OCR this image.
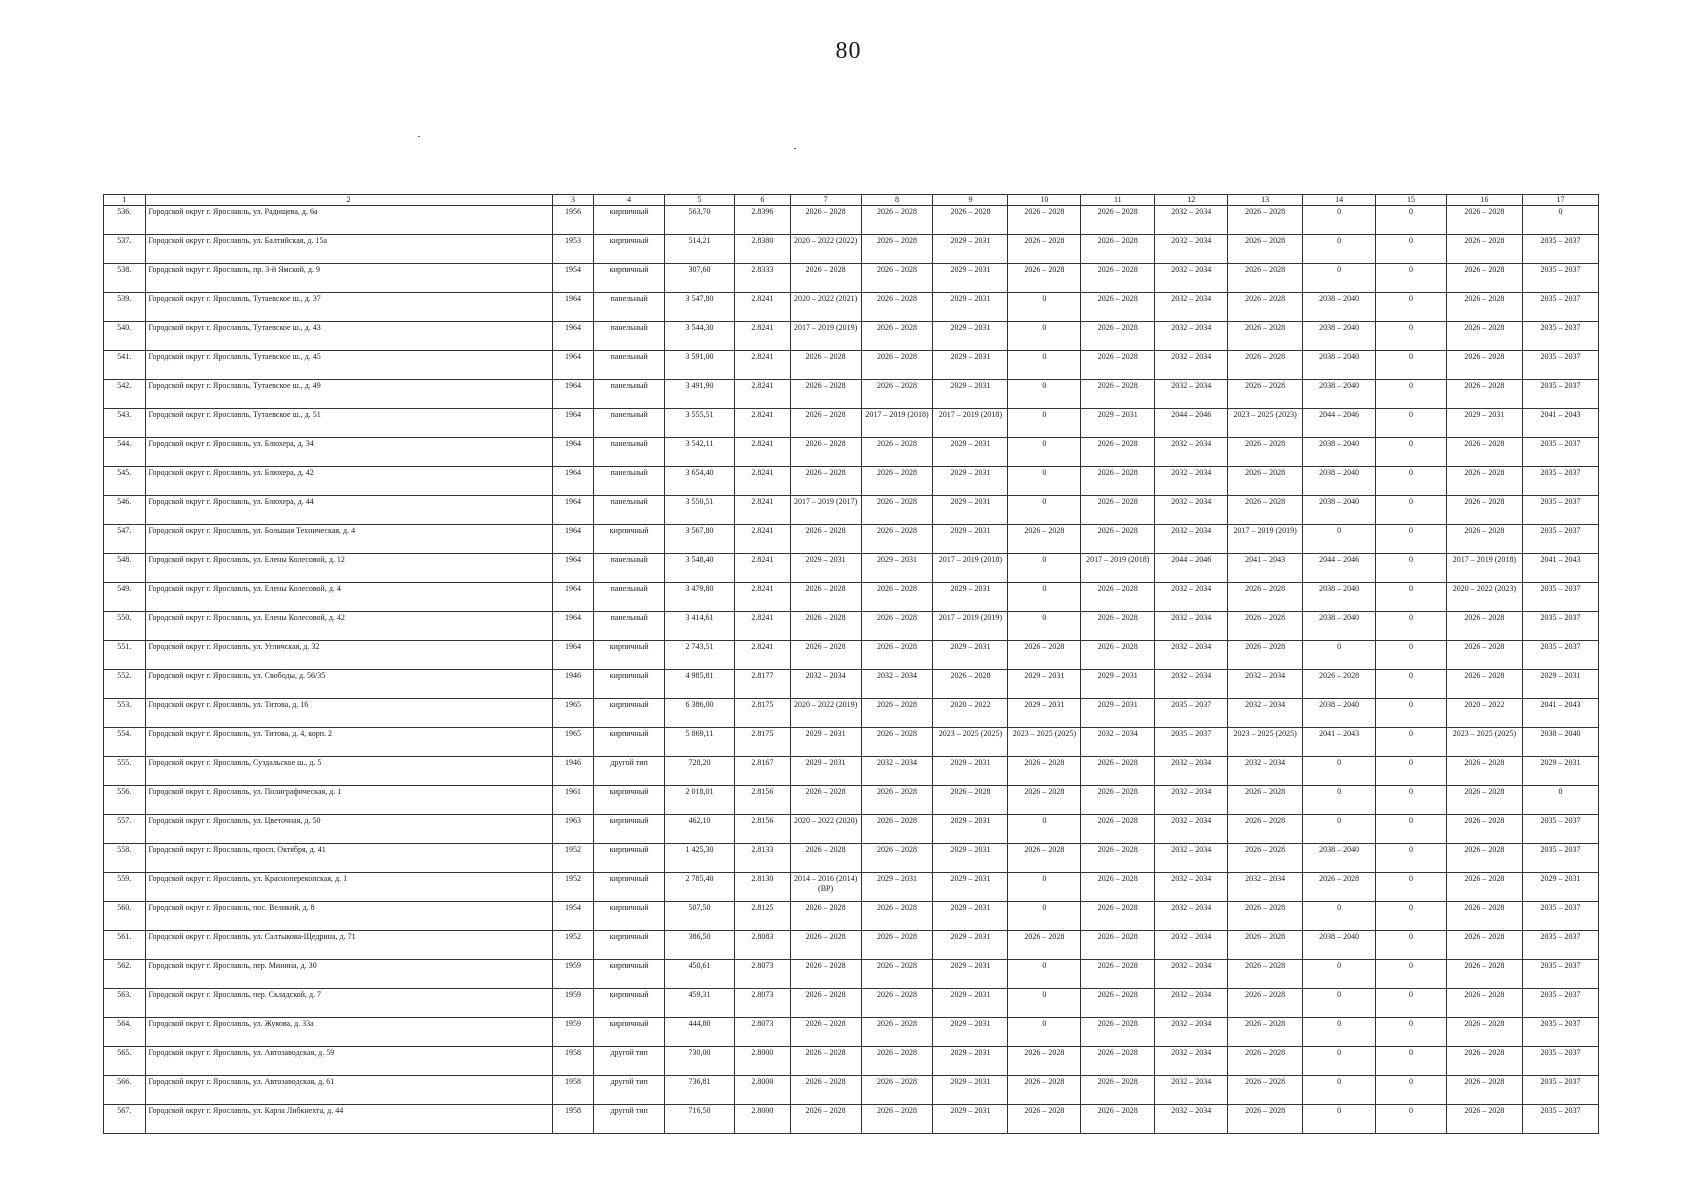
80
1	2	3	4	5	6	7	8	9	10	11	12	13	14	15	16	17
536.	Городской округ г. Ярославль, ул. Радищева, д. 6а	1956	кирпичный	563,70	2.8396	2026 – 2028	2026 – 2028	2026 – 2028	2026 – 2028	2026 – 2028	2032 – 2034	2026 – 2028	0	0	2026 – 2028	0
537.	Городской округ г. Ярославль, ул. Балтийская, д. 15а	1953	кирпичный	514,21	2.8380	2020 – 2022 (2022)	2026 – 2028	2029 – 2031	2026 – 2028	2026 – 2028	2032 – 2034	2026 – 2028	0	0	2026 – 2028	2035 – 2037
538.	Городской округ г. Ярославль, пр. 3-й Ямской, д. 9	1954	кирпичный	307,60	2.8333	2026 – 2028	2026 – 2028	2029 – 2031	2026 – 2028	2026 – 2028	2032 – 2034	2026 – 2028	0	0	2026 – 2028	2035 – 2037
539.	Городской округ г. Ярославль, Тутаевское ш., д. 37	1964	панельный	3 547,80	2.8241	2020 – 2022 (2021)	2026 – 2028	2029 – 2031	0	2026 – 2028	2032 – 2034	2026 – 2028	2038 – 2040	0	2026 – 2028	2035 – 2037
540.	Городской округ г. Ярославль, Тутаевское ш., д. 43	1964	панельный	3 544,30	2.8241	2017 – 2019 (2019)	2026 – 2028	2029 – 2031	0	2026 – 2028	2032 – 2034	2026 – 2028	2038 – 2040	0	2026 – 2028	2035 – 2037
541.	Городской округ г. Ярославль, Тутаевское ш., д. 45	1964	панельный	3 591,00	2.8241	2026 – 2028	2026 – 2028	2029 – 2031	0	2026 – 2028	2032 – 2034	2026 – 2028	2038 – 2040	0	2026 – 2028	2035 – 2037
542.	Городской округ г. Ярославль, Тутаевское ш., д. 49	1964	панельный	3 491,90	2.8241	2026 – 2028	2026 – 2028	2029 – 2031	0	2026 – 2028	2032 – 2034	2026 – 2028	2038 – 2040	0	2026 – 2028	2035 – 2037
543.	Городской округ г. Ярославль, Тутаевское ш., д. 51	1964	панельный	3 555,51	2.8241	2026 – 2028	2017 – 2019 (2018)	2017 – 2019 (2018)	0	2029 – 2031	2044 – 2046	2023 – 2025 (2023)	2044 – 2046	0	2029 – 2031	2041 – 2043
544.	Городской округ г. Ярославль, ул. Блюхера, д. 34	1964	панельный	3 542,11	2.8241	2026 – 2028	2026 – 2028	2029 – 2031	0	2026 – 2028	2032 – 2034	2026 – 2028	2038 – 2040	0	2026 – 2028	2035 – 2037
545.	Городской округ г. Ярославль, ул. Блюхера, д. 42	1964	панельный	3 654,40	2.8241	2026 – 2028	2026 – 2028	2029 – 2031	0	2026 – 2028	2032 – 2034	2026 – 2028	2038 – 2040	0	2026 – 2028	2035 – 2037
546.	Городской округ г. Ярославль, ул. Блюхера, д. 44	1964	панельный	3 550,51	2.8241	2017 – 2019 (2017)	2026 – 2028	2029 – 2031	0	2026 – 2028	2032 – 2034	2026 – 2028	2038 – 2040	0	2026 – 2028	2035 – 2037
547.	Городской округ г. Ярославль, ул. Большая Техническая, д. 4	1964	кирпичный	3 567,80	2.8241	2026 – 2028	2026 – 2028	2029 – 2031	2026 – 2028	2026 – 2028	2032 – 2034	2017 – 2019 (2019)	0	0	2026 – 2028	2035 – 2037
548.	Городской округ г. Ярославль, ул. Елены Колесовой, д. 12	1964	панельный	3 548,40	2.8241	2029 – 2031	2029 – 2031	2017 – 2019 (2018)	0	2017 – 2019 (2018)	2044 – 2046	2041 – 2043	2044 – 2046	0	2017 – 2019 (2018)	2041 – 2043
549.	Городской округ г. Ярославль, ул. Елены Колесовой, д. 4	1964	панельный	3 479,80	2.8241	2026 – 2028	2026 – 2028	2029 – 2031	0	2026 – 2028	2032 – 2034	2026 – 2028	2038 – 2040	0	2020 – 2022 (2023)	2035 – 2037
550.	Городской округ г. Ярославль, ул. Елены Колесовой, д. 42	1964	панельный	3 414,61	2.8241	2026 – 2028	2026 – 2028	2017 – 2019 (2019)	0	2026 – 2028	2032 – 2034	2026 – 2028	2038 – 2040	0	2026 – 2028	2035 – 2037
551.	Городской округ г. Ярославль, ул. Угличская, д. 32	1964	кирпичный	2 743,51	2.8241	2026 – 2028	2026 – 2028	2029 – 2031	2026 – 2028	2026 – 2028	2032 – 2034	2026 – 2028	0	0	2026 – 2028	2035 – 2037
552.	Городской округ г. Ярославль, ул. Свободы, д. 56/35	1946	кирпичный	4 985,81	2.8177	2032 – 2034	2032 – 2034	2026 – 2028	2029 – 2031	2029 – 2031	2032 – 2034	2032 – 2034	2026 – 2028	0	2026 – 2028	2029 – 2031
553.	Городской округ г. Ярославль, ул. Титова, д. 16	1965	кирпичный	6 386,00	2.8175	2020 – 2022 (2019)	2026 – 2028	2020 – 2022	2029 – 2031	2029 – 2031	2035 – 2037	2032 – 2034	2038 – 2040	0	2020 – 2022	2041 – 2043
554.	Городской округ г. Ярославль, ул. Титова, д. 4, корп. 2	1965	кирпичный	5 869,11	2.8175	2029 – 2031	2026 – 2028	2023 – 2025 (2025)	2023 – 2025 (2025)	2032 – 2034	2035 – 2037	2023 – 2025 (2025)	2041 – 2043	0	2023 – 2025 (2025)	2038 – 2040
555.	Городской округ г. Ярославль, Суздальское ш., д. 5	1946	другой тип	728,20	2.8167	2029 – 2031	2032 – 2034	2029 – 2031	2026 – 2028	2026 – 2028	2032 – 2034	2032 – 2034	0	0	2026 – 2028	2029 – 2031
556.	Городской округ г. Ярославль, ул. Полиграфическая, д. 1	1961	кирпичный	2 018,01	2.8156	2026 – 2028	2026 – 2028	2026 – 2028	2026 – 2028	2026 – 2028	2032 – 2034	2026 – 2028	0	0	2026 – 2028	0
557.	Городской округ г. Ярославль, ул. Цветочная, д. 50	1963	кирпичный	462,10	2.8156	2020 – 2022 (2020)	2026 – 2028	2029 – 2031	0	2026 – 2028	2032 – 2034	2026 – 2028	0	0	2026 – 2028	2035 – 2037
558.	Городской округ г. Ярославль, просп. Октября, д. 41	1952	кирпичный	1 425,30	2.8133	2026 – 2028	2026 – 2028	2029 – 2031	2026 – 2028	2026 – 2028	2032 – 2034	2026 – 2028	2038 – 2040	0	2026 – 2028	2035 – 2037
559.	Городской округ г. Ярославль, ул. Красноперекопская, д. 1	1952	кирпичный	2 785,40	2.8130	2014 – 2016 (2014) (ВР)	2029 – 2031	2029 – 2031	0	2026 – 2028	2032 – 2034	2032 – 2034	2026 – 2028	0	2026 – 2028	2029 – 2031
560.	Городской округ г. Ярославль, пос. Великий, д. 8	1954	кирпичный	507,50	2.8125	2026 – 2028	2026 – 2028	2029 – 2031	0	2026 – 2028	2032 – 2034	2026 – 2028	0	0	2026 – 2028	2035 – 2037
561.	Городской округ г. Ярославль, ул. Салтыкова-Щедрина, д. 71	1952	кирпичный	386,50	2.8083	2026 – 2028	2026 – 2028	2029 – 2031	2026 – 2028	2026 – 2028	2032 – 2034	2026 – 2028	2038 – 2040	0	2026 – 2028	2035 – 2037
562.	Городской округ г. Ярославль, пер. Минина, д. 30	1959	кирпичный	450,61	2.8073	2026 – 2028	2026 – 2028	2029 – 2031	0	2026 – 2028	2032 – 2034	2026 – 2028	0	0	2026 – 2028	2035 – 2037
563.	Городской округ г. Ярославль, пер. Складской, д. 7	1959	кирпичный	459,31	2.8073	2026 – 2028	2026 – 2028	2029 – 2031	0	2026 – 2028	2032 – 2034	2026 – 2028	0	0	2026 – 2028	2035 – 2037
564.	Городской округ г. Ярославль, ул. Жукова, д. 33а	1959	кирпичный	444,80	2.8073	2026 – 2028	2026 – 2028	2029 – 2031	0	2026 – 2028	2032 – 2034	2026 – 2028	0	0	2026 – 2028	2035 – 2037
565.	Городской округ г. Ярославль, ул. Автозаводская, д. 59	1958	другой тип	730,00	2.8000	2026 – 2028	2026 – 2028	2029 – 2031	2026 – 2028	2026 – 2028	2032 – 2034	2026 – 2028	0	0	2026 – 2028	2035 – 2037
566.	Городской округ г. Ярославль, ул. Автозаводская, д. 61	1958	другой тип	736,81	2.8000	2026 – 2028	2026 – 2028	2029 – 2031	2026 – 2028	2026 – 2028	2032 – 2034	2026 – 2028	0	0	2026 – 2028	2035 – 2037
567.	Городской округ г. Ярославль, ул. Карла Либкнехта, д. 44	1958	другой тип	716,50	2.8000	2026 – 2028	2026 – 2028	2029 – 2031	2026 – 2028	2026 – 2028	2032 – 2034	2026 – 2028	0	0	2026 – 2028	2035 – 2037
